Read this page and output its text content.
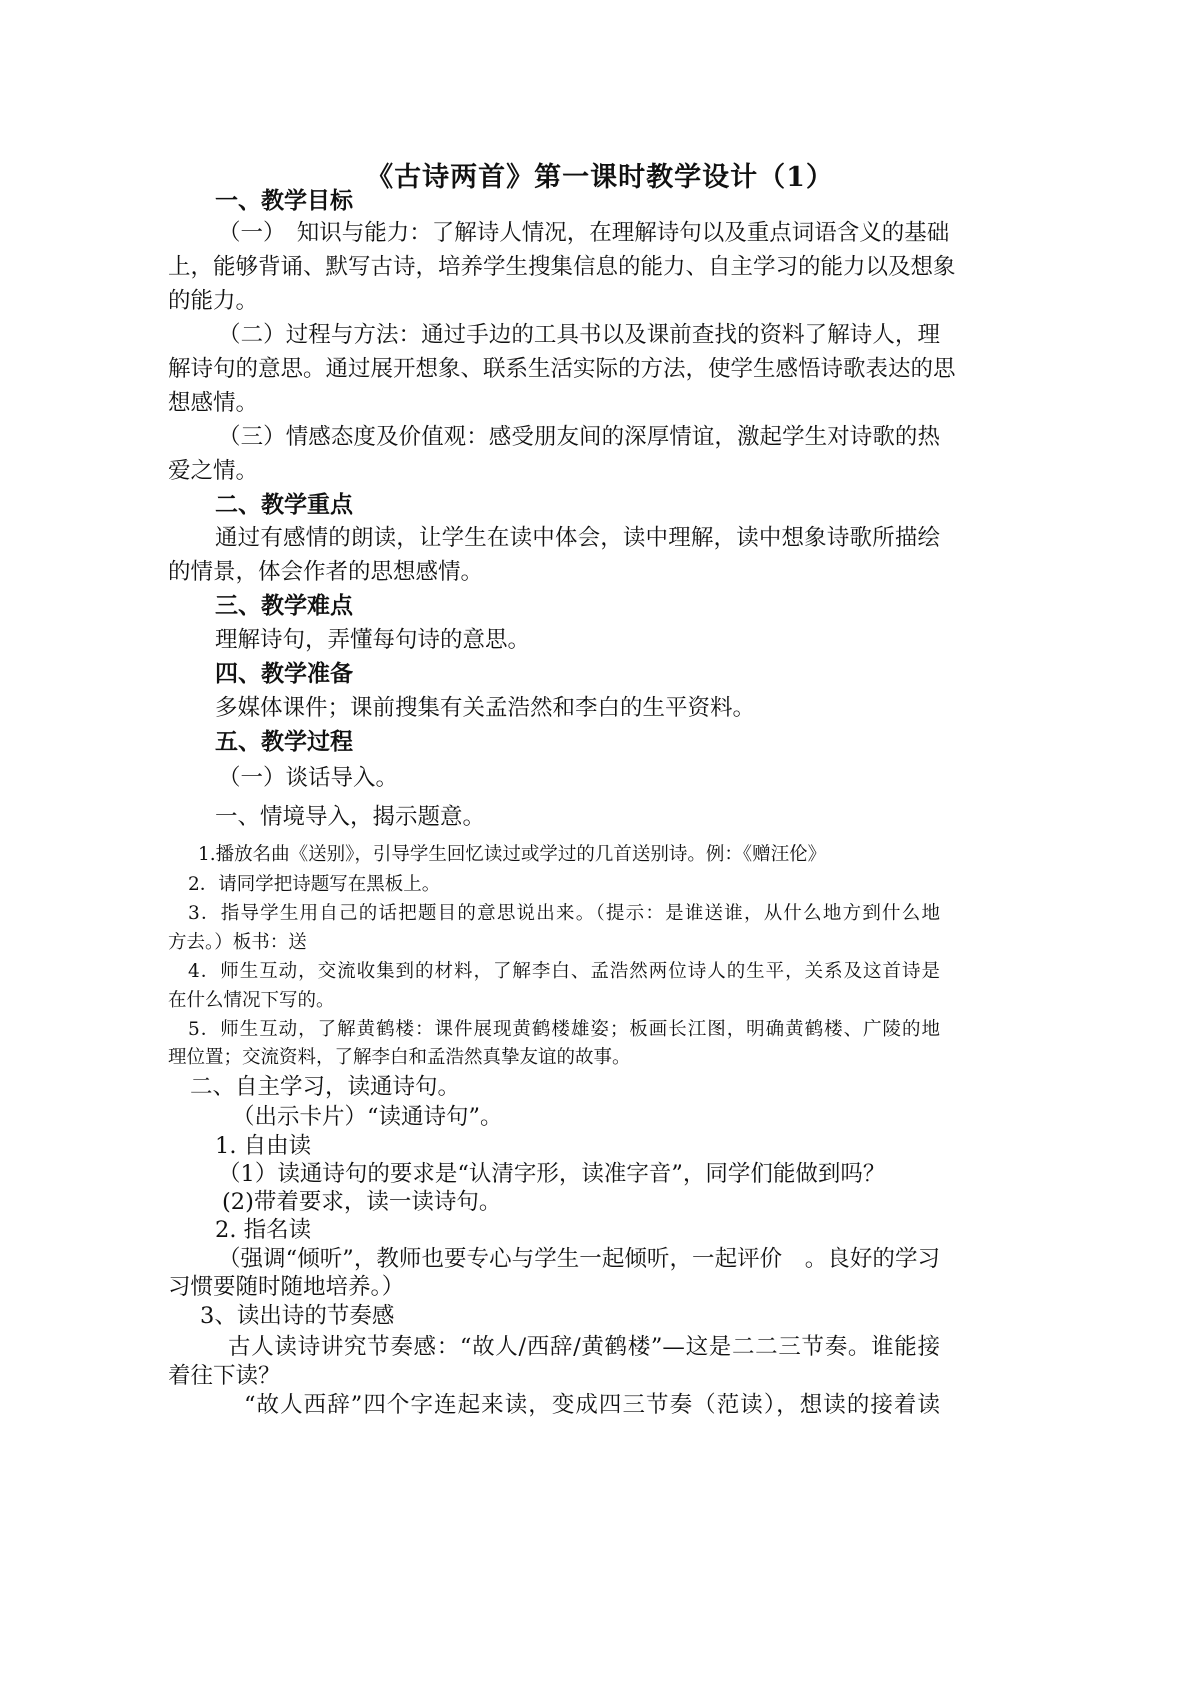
《古诗两首》第一课时教学设计（1）
一、教学目标
（一）　知识与能力：了解诗人情况，在理解诗句以及重点词语含义的基础
上，能够背诵、默写古诗，培养学生搜集信息的能力、自主学习的能力以及想象
的能力。
（二）过程与方法：通过手边的工具书以及课前查找的资料了解诗人，理
解诗句的意思。通过展开想象、联系生活实际的方法，使学生感悟诗歌表达的思
想感情。
（三）情感态度及价值观：感受朋友间的深厚情谊，激起学生对诗歌的热
爱之情。
二、教学重点
通过有感情的朗读，让学生在读中体会，读中理解，读中想象诗歌所描绘
的情景，体会作者的思想感情。
三、教学难点
理解诗句，弄懂每句诗的意思。
四、教学准备
多媒体课件；课前搜集有关孟浩然和李白的生平资料。
五、教学过程
（一）谈话导入。
一、情境导入，揭示题意。
1.播放名曲《送别》，引导学生回忆读过或学过的几首送别诗。例：《赠汪伦》
2．请同学把诗题写在黑板上。
3．指导学生用自己的话把题目的意思说出来。（提示：是谁送谁，从什么地方到什么地
方去。）板书：送
4．师生互动，交流收集到的材料，了解李白、孟浩然两位诗人的生平，关系及这首诗是
在什么情况下写的。
5．师生互动，了解黄鹤楼：课件展现黄鹤楼雄姿；板画长江图，明确黄鹤楼、广陵的地
理位置；交流资料，了解李白和孟浩然真挚友谊的故事。
二、自主学习，读通诗句。
（出示卡片）“读通诗句”。
1. 自由读
（1）读通诗句的要求是“认清字形，读准字音”，同学们能做到吗？
(2)带着要求，读一读诗句。
2. 指名读
（强调“倾听”，教师也要专心与学生一起倾听，一起评价　。良好的学习
习惯要随时随地培养。）
3、读出诗的节奏感
古人读诗讲究节奏感：“故人/西辞/黄鹤楼”—这是二二三节奏。谁能接
着往下读？
“故人西辞”四个字连起来读，变成四三节奏（范读），想读的接着读
